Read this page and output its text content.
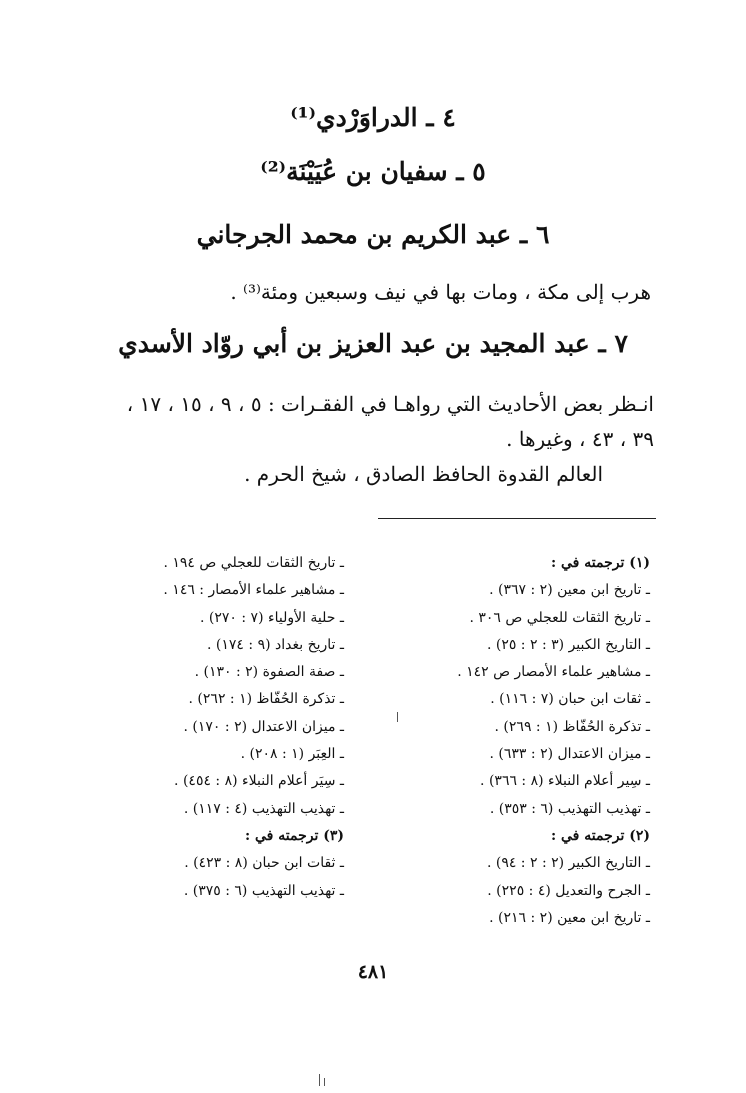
٤ ـ الدراوَرْدي⁽¹⁾
٥ ـ سفيان بن عُيَيْنَة⁽²⁾
٦ ـ عبد الكريم بن محمد الجرجاني
هرب إلى مكة ، ومات بها في نيف وسبعين ومئة⁽³⁾ .
٧ ـ عبد المجيد بن عبد العزيز بن أبي روّاد الأسدي
انـظر بعض الأحاديث التي رواهـا في الفقـرات : ٥ ، ٩ ، ١٥ ، ١٧ ،
٣٩ ، ٤٣ ، وغيرها .
العالم القدوة الحافظ الصادق ، شيخ الحرم .
(١) ترجمته في :
ـ تاريخ ابن معين (٢ : ٣٦٧) .
ـ تاريخ الثقات للعجلي ص ٣٠٦ .
ـ التاريخ الكبير (٣ : ٢ : ٢٥) .
ـ مشاهير علماء الأمصار ص ١٤٢ .
ـ ثقات ابن حبان (٧ : ١١٦) .
ـ تذكرة الحُفّاظ (١ : ٢٦٩) .
ـ ميزان الاعتدال (٢ : ٦٣٣) .
ـ سِير أعلام النبلاء (٨ : ٣٦٦) .
ـ تهذيب التهذيب (٦ : ٣٥٣) .
(٢) ترجمته في :
ـ التاريخ الكبير (٢ : ٢ : ٩٤) .
ـ الجرح والتعديل (٤ : ٢٢٥) .
ـ تاريخ ابن معين (٢ : ٢١٦) .
ـ تاريخ الثقات للعجلي ص ١٩٤ .
ـ مشاهير علماء الأمصار : ١٤٦ .
ـ حلية الأولياء (٧ : ٢٧٠) .
ـ تاريخ بغداد (٩ : ١٧٤) .
ـ صفة الصفوة (٢ : ١٣٠) .
ـ تذكرة الحُفّاظ (١ : ٢٦٢) .
ـ ميزان الاعتدال (٢ : ١٧٠) .
ـ العِبَر (١ : ٢٠٨) .
ـ سِيَر أعلام النبلاء (٨ : ٤٥٤) .
ـ تهذيب التهذيب (٤ : ١١٧) .
(٣) ترجمته في :
ـ ثقات ابن حبان (٨ : ٤٢٣) .
ـ تهذيب التهذيب (٦ : ٣٧٥) .
٤٨١
